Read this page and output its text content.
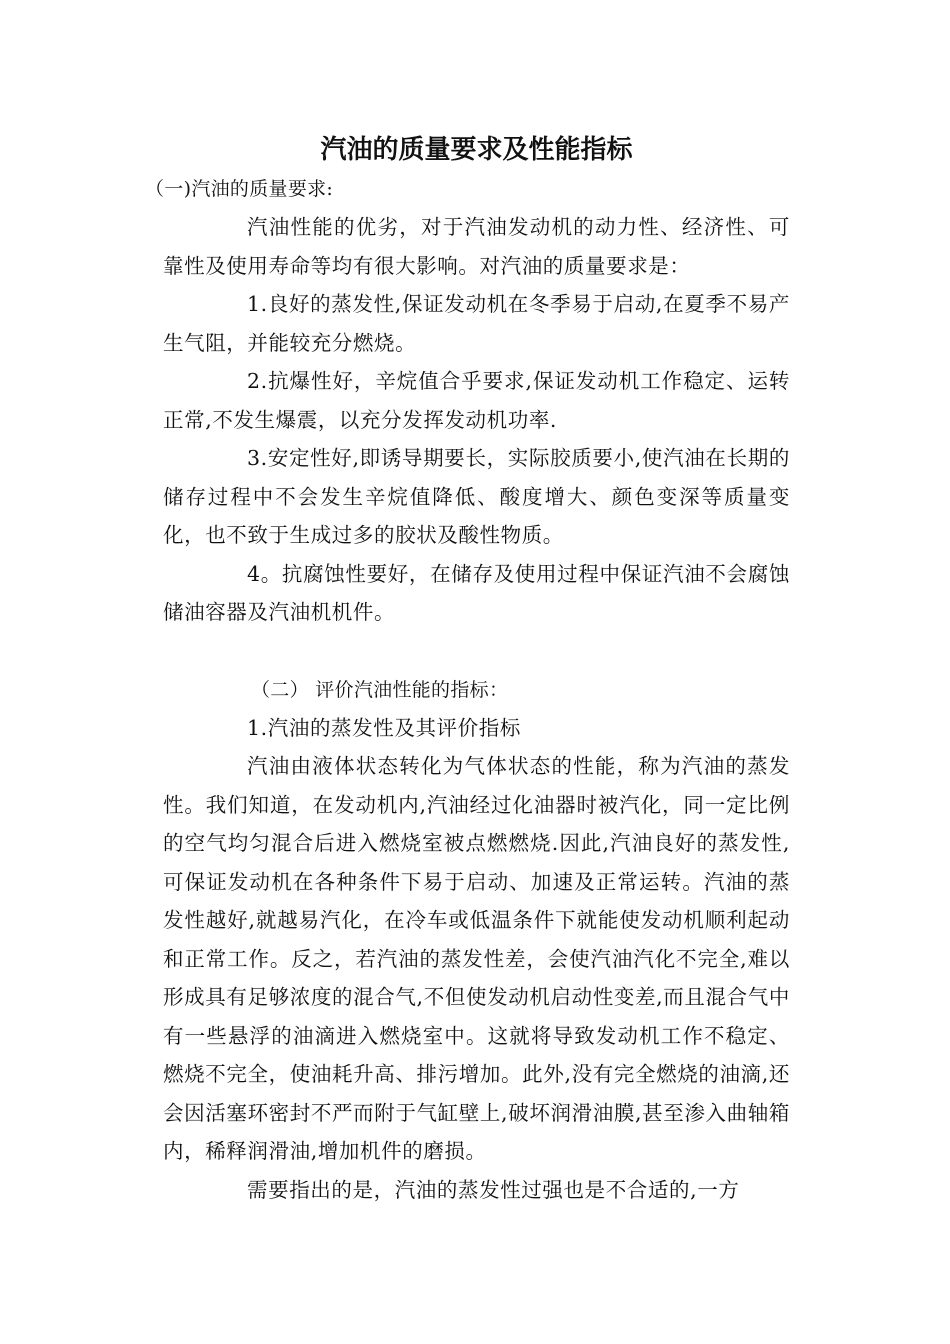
汽油的质量要求及性能指标

（一)汽油的质量要求:

汽油性能的优劣，对于汽油发动机的动力性、经济性、可靠性及使用寿命等均有很大影响。对汽油的质量要求是：

1.良好的蒸发性,保证发动机在冬季易于启动,在夏季不易产生气阻，并能较充分燃烧。

2.抗爆性好，辛烷值合乎要求,保证发动机工作稳定、运转正常,不发生爆震，以充分发挥发动机功率.

3.安定性好,即诱导期要长，实际胶质要小,使汽油在长期的储存过程中不会发生辛烷值降低、酸度增大、颜色变深等质量变化，也不致于生成过多的胶状及酸性物质。

4。抗腐蚀性要好，在储存及使用过程中保证汽油不会腐蚀储油容器及汽油机机件。

（二） 评价汽油性能的指标：

1.汽油的蒸发性及其评价指标

汽油由液体状态转化为气体状态的性能，称为汽油的蒸发性。我们知道，在发动机内,汽油经过化油器时被汽化，同一定比例的空气均匀混合后进入燃烧室被点燃燃烧.因此,汽油良好的蒸发性,可保证发动机在各种条件下易于启动、加速及正常运转。汽油的蒸发性越好,就越易汽化，在冷车或低温条件下就能使发动机顺利起动和正常工作。反之，若汽油的蒸发性差，会使汽油汽化不完全,难以形成具有足够浓度的混合气,不但使发动机启动性变差,而且混合气中有一些悬浮的油滴进入燃烧室中。这就将导致发动机工作不稳定、燃烧不完全，使油耗升高、排污增加。此外,没有完全燃烧的油滴,还会因活塞环密封不严而附于气缸壁上,破坏润滑油膜,甚至渗入曲轴箱内，稀释润滑油,增加机件的磨损。

需要指出的是，汽油的蒸发性过强也是不合适的,一方
